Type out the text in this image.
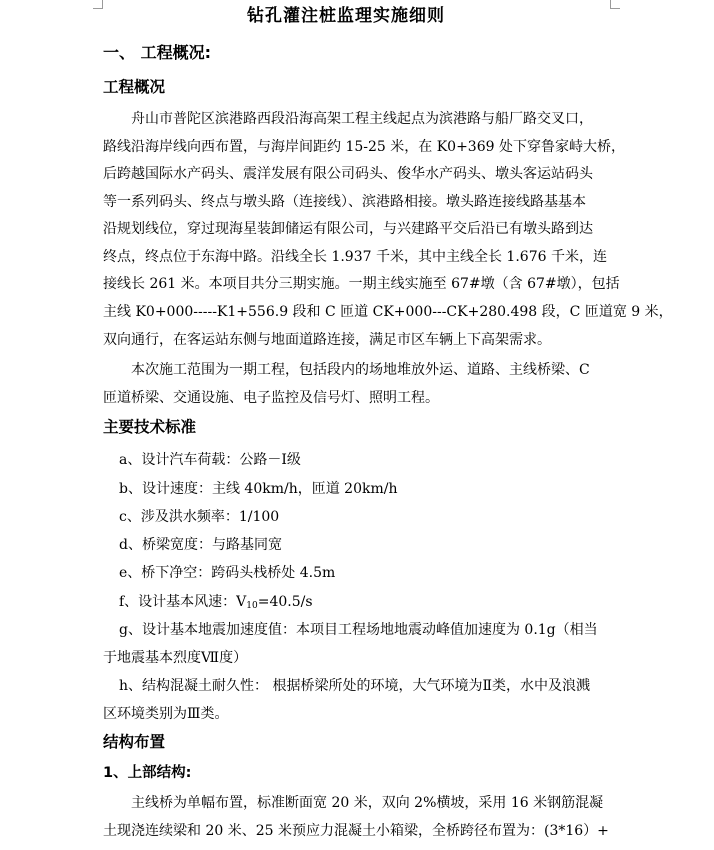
钻孔灌注桩监理实施细则
一、 工程概况:
工程概况
舟山市普陀区滨港路西段沿海高架工程主线起点为滨港路与船厂路交叉口，
路线沿海岸线向西布置，与海岸间距约 15-25 米，在 K0+369 处下穿鲁家峙大桥，
后跨越国际水产码头、震洋发展有限公司码头、俊华水产码头、墩头客运站码头
等一系列码头、终点与墩头路（连接线）、滨港路相接。墩头路连接线路基基本
沿规划线位，穿过现海星装卸储运有限公司，与兴建路平交后沿已有墩头路到达
终点，终点位于东海中路。沿线全长 1.937 千米，其中主线全长 1.676 千米，连
接线长 261 米。本项目共分三期实施。一期主线实施至 67#墩（含 67#墩），包括
主线 K0+000-----K1+556.9 段和 C 匝道 CK+000---CK+280.498 段，C 匝道宽 9 米，
双向通行，在客运站东侧与地面道路连接，满足市区车辆上下高架需求。
本次施工范围为一期工程，包括段内的场地堆放外运、道路、主线桥梁、C
匝道桥梁、交通设施、电子监控及信号灯、照明工程。
主要技术标准
a、设计汽车荷载：公路－Ⅰ级
b、设计速度：主线 40km/h，匝道 20km/h
c、涉及洪水频率：1/100
d、桥梁宽度：与路基同宽
e、桥下净空：跨码头栈桥处 4.5m
f、设计基本风速：$V_{10}=40.5/s$
g、设计基本地震加速度值：本项目工程场地地震动峰值加速度为 0.1g（相当
于地震基本烈度Ⅶ度）
h、结构混凝土耐久性： 根据桥梁所处的环境，大气环境为Ⅱ类，水中及浪溅
区环境类别为Ⅲ类。
结构布置
1、上部结构:
主线桥为单幅布置，标准断面宽 20 米，双向 2%横坡，采用 16 米钢筋混凝
土现浇连续梁和 20 米、25 米预应力混凝土小箱梁，全桥跨径布置为：(3*16）+
